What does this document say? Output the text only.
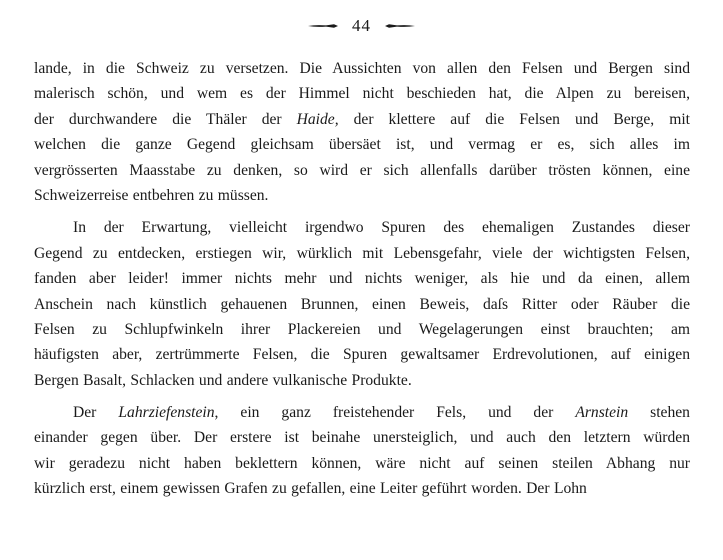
44
lande, in die Schweiz zu versetzen. Die Aussichten von allen den Felsen und Bergen sind
malerisch schön, und wem es der Himmel nicht beschieden hat, die Alpen zu bereisen,
der durchwandere die Thäler der Haide, der klettere auf die Felsen und Berge, mit
welchen die ganze Gegend gleichsam übersäet ist, und vermag er es, sich alles im
vergrösserten Maasstabe zu denken, so wird er sich allenfalls darüber trösten können, eine
Schweizerreise entbehren zu müssen.
In der Erwartung, vielleicht irgendwo Spuren des ehemaligen Zustandes dieser
Gegend zu entdecken, erstiegen wir, würklich mit Lebensgefahr, viele der wichtigsten Felsen,
fanden aber leider! immer nichts mehr und nichts weniger, als hie und da einen, allem
Anschein nach künstlich gehauenen Brunnen, einen Beweis, daſs Ritter oder Räuber die
Felsen zu Schlupfwinkeln ihrer Plackereien und Wegelagerungen einst brauchten; am
häufigsten aber, zertrümmerte Felsen, die Spuren gewaltsamer Erdrevolutionen, auf einigen
Bergen Basalt, Schlacken und andere vulkanische Produkte.
Der Lahrziefenstein, ein ganz freistehender Fels, und der Arnstein stehen
einander gegen über. Der erstere ist beinahe unersteiglich, und auch den letztern würden
wir geradezu nicht haben beklettern können, wäre nicht auf seinen steilen Abhang nur
kürzlich erst, einem gewissen Grafen zu gefallen, eine Leiter geführt worden. Der Lohn
